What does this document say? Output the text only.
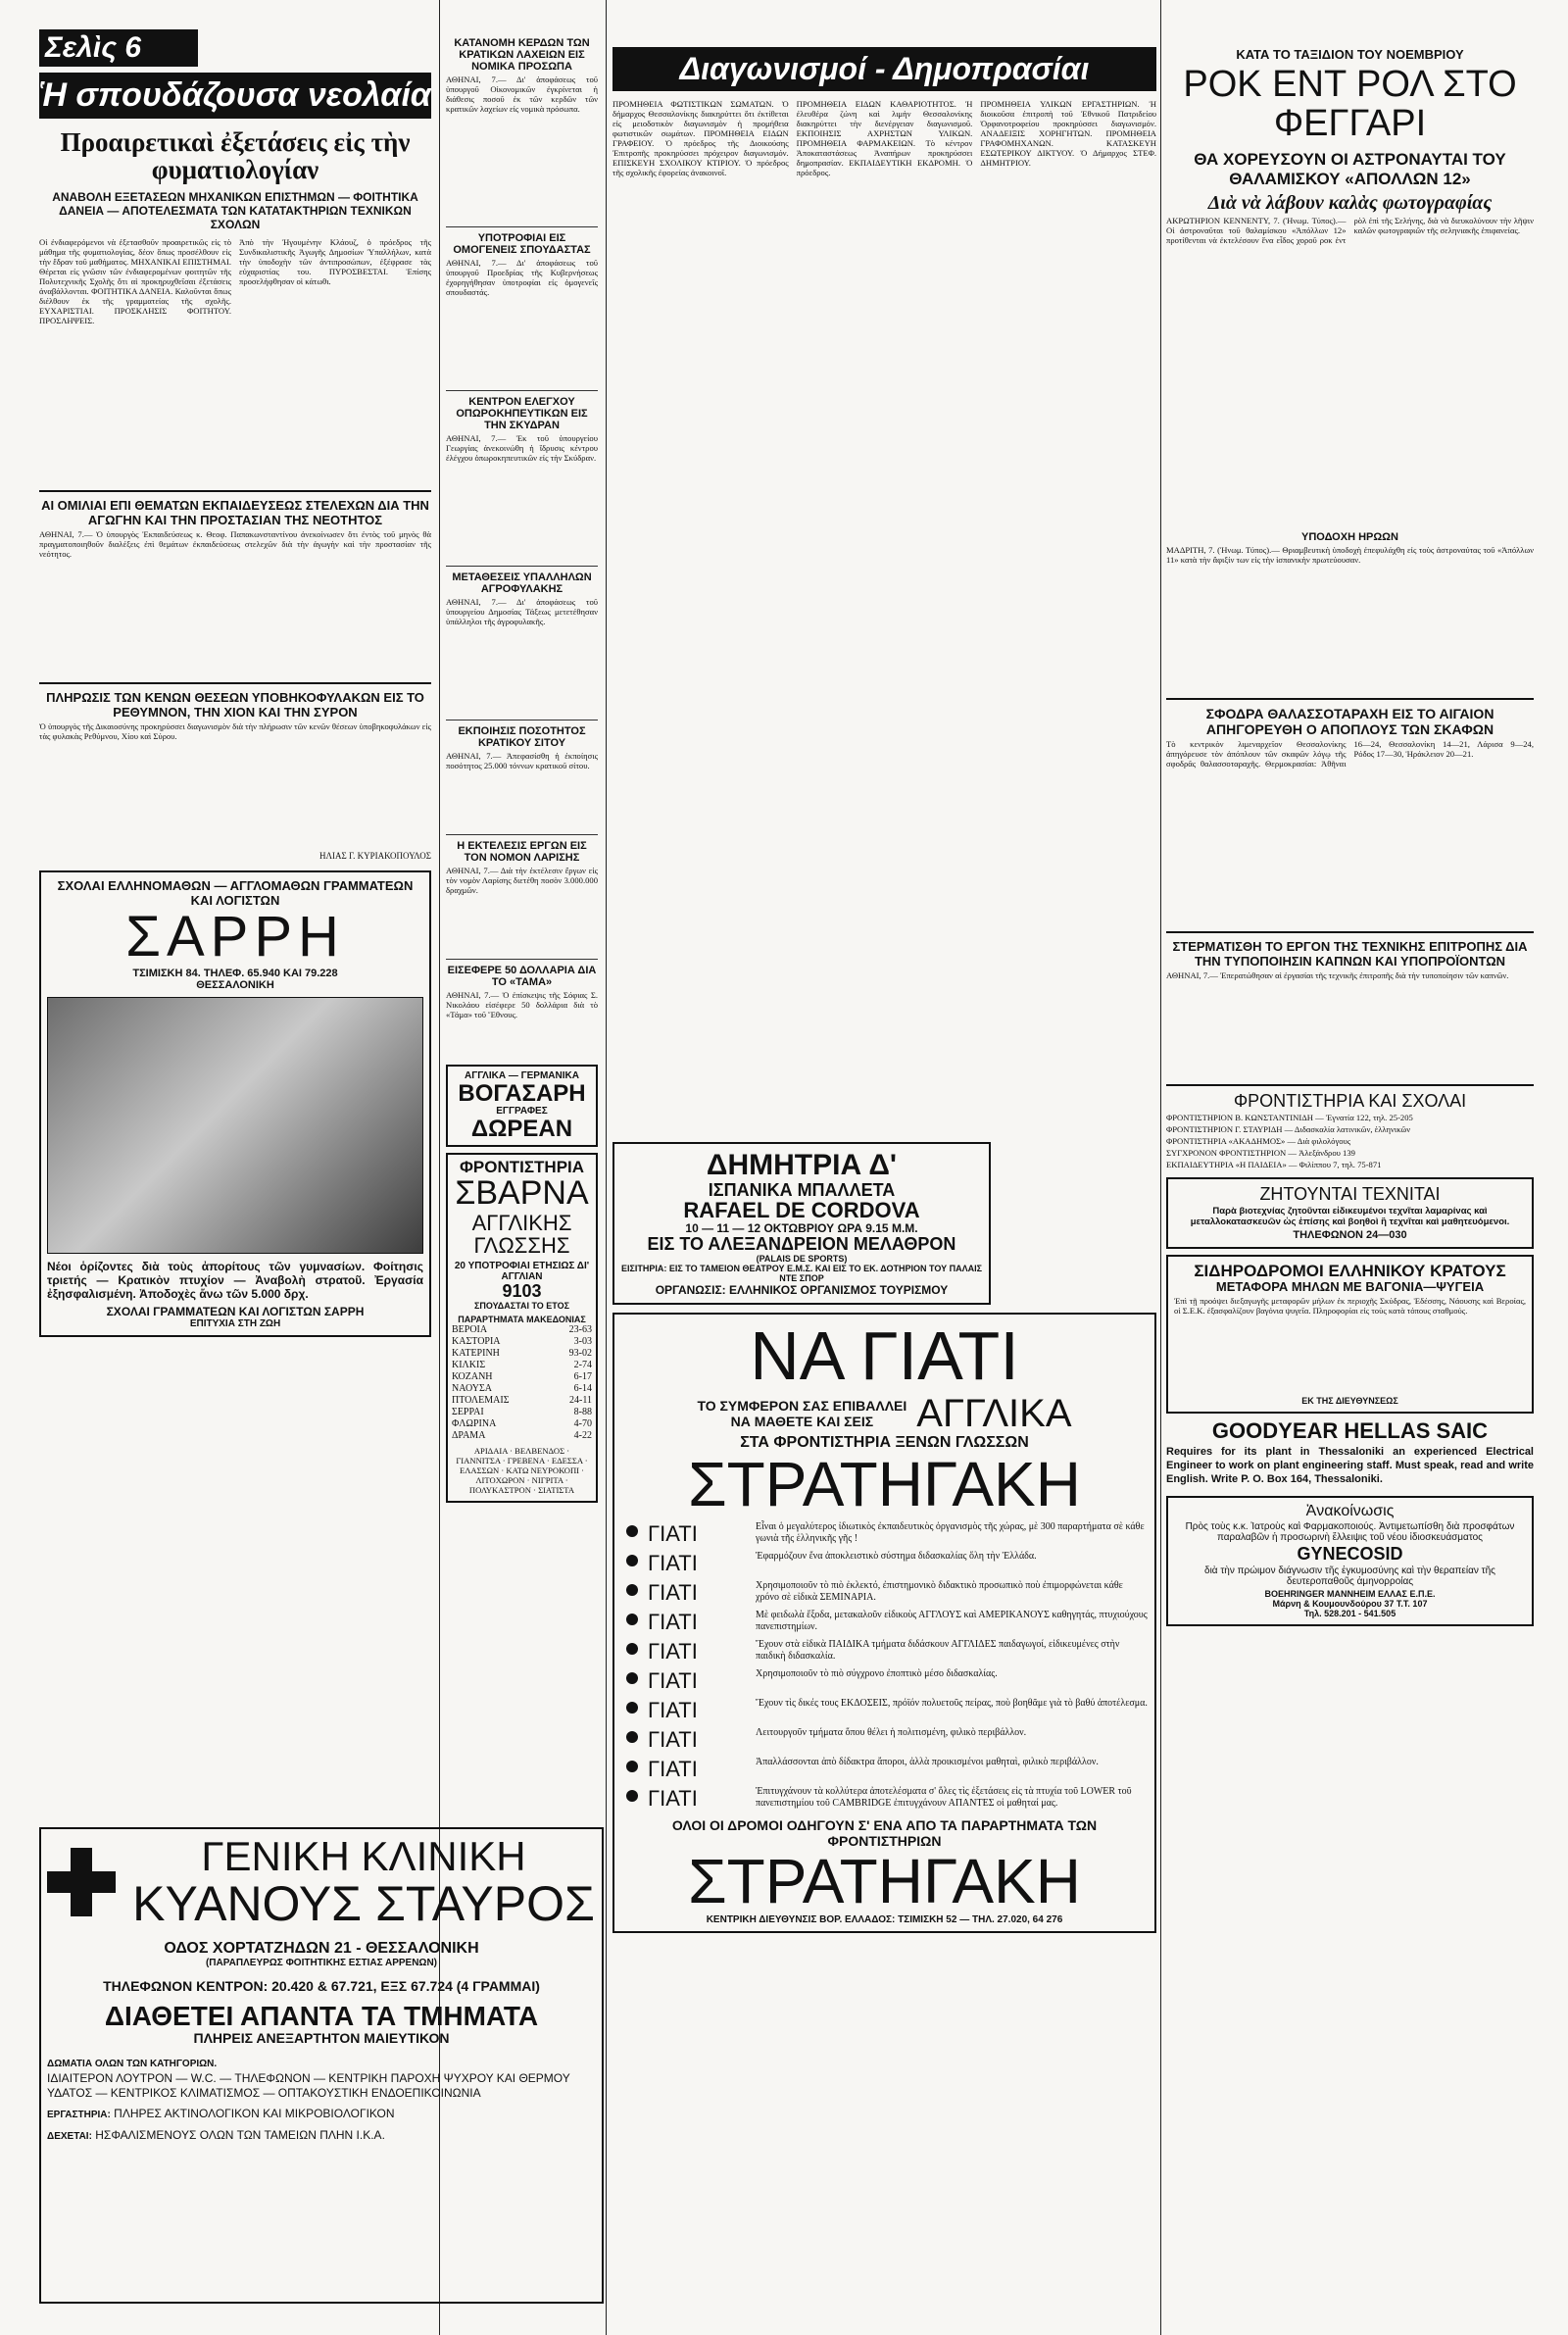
Σελὶς 6
Ἡ σπουδάζουσα νεολαία
Προαιρετικαὶ ἐξετάσεις εἰς τὴν φυματιολογίαν
ΑΝΑΒΟΛΗ ΕΞΕΤΑΣΕΩΝ ΜΗΧΑΝΙΚΩΝ ΕΠΙΣΤΗΜΩΝ — ΦΟΙΤΗΤΙΚΑ ΔΑΝΕΙΑ — ΑΠΟΤΕΛΕΣΜΑΤΑ ΤΩΝ ΚΑΤΑΤΑΚΤΗΡΙΩΝ ΤΕΧΝΙΚΩΝ ΣΧΟΛΩΝ
Οἱ ἐνδιαφερόμενοι νὰ ἐξετασθοῦν προαιρετικῶς εἰς τὸ μάθημα τῆς φυματιολογίας, δέον ὅπως προσέλθουν εἰς τὴν ἔδραν τοῦ μαθήματος. ΜΗΧΑΝΙΚΑΙ ΕΠΙΣΤΗΜΑΙ. Θέρεται εἰς γνῶσιν τῶν ἐνδιαφερομένων φοιτητῶν τῆς Πολυτεχνικῆς Σχολῆς ὅτι αἱ προκηρυχθεῖσαι ἐξετάσεις ἀναβάλλονται. ΦΟΙΤΗΤΙΚΑ ΔΑΝΕΙΑ. Καλοῦνται ὅπως διέλθουν ἐκ τῆς γραμματείας τῆς σχολῆς. ΕΥΧΑΡΙΣΤΙΑΙ. ΠΡΟΣΚΛΗΣΙΣ ΦΟΙΤΗΤΟΥ. ΠΡΟΣΛΗΨΕΙΣ.
Ἀπὸ τὴν Ἡγουμένην Κλάουζ, ὁ πρόεδρος τῆς Συνδικαλιστικῆς Ἀγωγῆς Δημοσίων Ὑπαλλήλων, κατὰ τὴν ὑποδοχὴν τῶν ἀντιπροσώπων, ἐξέφρασε τὰς εὐχαριστίας του. ΠΥΡΟΣΒΕΣΤΑΙ. Ἐπίσης προσελήφθησαν οἱ κάτωθι.
ΑΙ ΟΜΙΛΙΑΙ ΕΠΙ ΘΕΜΑΤΩΝ ΕΚΠΑΙΔΕΥΣΕΩΣ ΣΤΕΛΕΧΩΝ ΔΙΑ ΤΗΝ ΑΓΩΓΗΝ ΚΑΙ ΤΗΝ ΠΡΟΣΤΑΣΙΑΝ ΤΗΣ ΝΕΟΤΗΤΟΣ
ΑΘΗΝΑΙ, 7.— Ὁ ὑπουργὸς Ἐκπαιδεύσεως κ. Θεοφ. Παπακωνσταντίνου ἀνεκοίνωσεν ὅτι ἐντὸς τοῦ μηνὸς θὰ πραγματοποιηθοῦν διαλέξεις ἐπὶ θεμάτων ἐκπαιδεύσεως στελεχῶν διὰ τὴν ἀγωγὴν καὶ τὴν προστασίαν τῆς νεότητος.
ΠΛΗΡΩΣΙΣ ΤΩΝ ΚΕΝΩΝ ΘΕΣΕΩΝ ΥΠΟΒΗΚΟΦΥΛΑΚΩΝ ΕΙΣ ΤΟ ΡΕΘΥΜΝΟΝ, ΤΗΝ ΧΙΟΝ ΚΑΙ ΤΗΝ ΣΥΡΟΝ
Ὁ ὑπουργὸς τῆς Δικαιοσύνης προκηρύσσει διαγωνισμὸν διὰ τὴν πλήρωσιν τῶν κενῶν θέσεων ὑποβηκοφυλάκων εἰς τὰς φυλακὰς Ρεθύμνου, Χίου καὶ Σύρου.
ΗΛΙΑΣ Γ. ΚΥΡΙΑΚΟΠΟΥΛΟΣ
ΣΧΟΛΑΙ ΕΛΛΗΝΟΜΑΘΩΝ — ΑΓΓΛΟΜΑΘΩΝ ΓΡΑΜΜΑΤΕΩΝ ΚΑΙ ΛΟΓΙΣΤΩΝ
ΣΑΡΡΗ
ΤΣΙΜΙΣΚΗ 84. ΤΗΛΕΦ. 65.940 ΚΑΙ 79.228
ΘΕΣΣΑΛΟΝΙΚΗ
Νέοι ὁρίζοντες διὰ τοὺς ἀπορίτους τῶν γυμνασίων. Φοίτησις τριετής — Κρατικὸν πτυχίον — Ἀναβολὴ στρατοῦ. Ἐργασία ἐξησφαλισμένη. Ἀποδοχὲς ἄνω τῶν 5.000 δρχ.
ΣΧΟΛΑΙ ΓΡΑΜΜΑΤΕΩΝ ΚΑΙ ΛΟΓΙΣΤΩΝ ΣΑΡΡΗ
ΕΠΙΤΥΧΙΑ ΣΤΗ ΖΩΗ
ΚΑΤΑΝΟΜΗ ΚΕΡΔΩΝ ΤΩΝ ΚΡΑΤΙΚΩΝ ΛΑΧΕΙΩΝ ΕΙΣ ΝΟΜΙΚΑ ΠΡΟΣΩΠΑ
ΑΘΗΝΑΙ, 7.— Δι' ἀποφάσεως τοῦ ὑπουργοῦ Οἰκονομικῶν ἐγκρίνεται ἡ διάθεσις ποσοῦ ἐκ τῶν κερδῶν τῶν κρατικῶν λαχείων εἰς νομικὰ πρόσωπα.
ΥΠΟΤΡΟΦΙΑΙ ΕΙΣ ΟΜΟΓΕΝΕΙΣ ΣΠΟΥΔΑΣΤΑΣ
ΑΘΗΝΑΙ, 7.— Δι' ἀποφάσεως τοῦ ὑπουργοῦ Προεδρίας τῆς Κυβερνήσεως ἐχορηγήθησαν ὑποτροφίαι εἰς ὁμογενεῖς σπουδαστάς.
ΚΕΝΤΡΟΝ ΕΛΕΓΧΟΥ ΟΠΩΡΟΚΗΠΕΥΤΙΚΩΝ ΕΙΣ ΤΗΝ ΣΚΥΔΡΑΝ
ΑΘΗΝΑΙ, 7.— Ἐκ τοῦ ὑπουργείου Γεωργίας ἀνεκοινώθη ἡ ἵδρυσις κέντρου ἐλέγχου ὀπωροκηπευτικῶν εἰς τὴν Σκύδραν.
ΜΕΤΑΘΕΣΕΙΣ ΥΠΑΛΛΗΛΩΝ ΑΓΡΟΦΥΛΑΚΗΣ
ΑΘΗΝΑΙ, 7.— Δι' ἀποφάσεως τοῦ ὑπουργείου Δημοσίας Τάξεως μετετέθησαν ὑπάλληλοι τῆς ἀγροφυλακῆς.
ΕΚΠΟΙΗΣΙΣ ΠΟΣΟΤΗΤΟΣ ΚΡΑΤΙΚΟΥ ΣΙΤΟΥ
ΑΘΗΝΑΙ, 7.— Ἀπεφασίσθη ἡ ἐκποίησις ποσότητος 25.000 τόννων κρατικοῦ σίτου.
Η ΕΚΤΕΛΕΣΙΣ ΕΡΓΩΝ ΕΙΣ ΤΟΝ ΝΟΜΟΝ ΛΑΡΙΣΗΣ
ΑΘΗΝΑΙ, 7.— Διὰ τὴν ἐκτέλεσιν ἔργων εἰς τὸν νομὸν Λαρίσης διετέθη ποσὸν 3.000.000 δραχμῶν.
ΕΙΣΕΦΕΡΕ 50 ΔΟΛΛΑΡΙΑ ΔΙΑ ΤΟ «ΤΑΜΑ»
ΑΘΗΝΑΙ, 7.— Ὁ ἐπίσκεψις τῆς Σόφιας Σ. Νικολάου εἰσέφερε 50 δολλάρια διὰ τὸ «Τάμα» τοῦ Ἔθνους.
ΑΓΓΛΙΚΑ — ΓΕΡΜΑΝΙΚΑ
ΒΟΓΑΣΑΡΗ
ΕΓΓΡΑΦΕΣ
ΔΩΡΕΑΝ
ΦΡΟΝΤΙΣΤΗΡΙΑ
ΣΒΑΡΝΑ
ΑΓΓΛΙΚΗΣ ΓΛΩΣΣΗΣ
20 ΥΠΟΤΡΟΦΙΑΙ ΕΤΗΣΙΩΣ ΔΙ' ΑΓΓΛΙΑΝ
9103
ΣΠΟΥΔΑΣΤΑΙ ΤΟ ΕΤΟΣ
ΠΑΡΑΡΤΗΜΑΤΑ ΜΑΚΕΔΟΝΙΑΣ
ΒΕΡΟΙΑ	23-63
ΚΑΣΤΟΡΙΑ	3-03
ΚΑΤΕΡΙΝΗ	93-02
ΚΙΛΚΙΣ	2-74
ΚΟΖΑΝΗ	6-17
ΝΑΟΥΣΑ	6-14
ΠΤΟΛΕΜΑΙΣ	24-11
ΣΕΡΡΑΙ	8-88
ΦΛΩΡΙΝΑ	4-70
ΔΡΑΜΑ	4-22
ΑΡΙΔΑΙΑ · ΒΕΛΒΕΝΔΟΣ · ΓΙΑΝΝΙΤΣΑ · ΓΡΕΒΕΝΑ · ΕΔΕΣΣΑ · ΕΛΑΣΣΩΝ · ΚΑΤΩ ΝΕΥΡΟΚΟΠΙ · ΛΙΤΟΧΩΡΟΝ · ΝΙΓΡΙΤΑ · ΠΟΛΥΚΑΣΤΡΟΝ · ΣΙΑΤΙΣΤΑ
Διαγωνισμοί - Δημοπρασίαι
ΠΡΟΜΗΘΕΙΑ ΦΩΤΙΣΤΙΚΩΝ ΣΩΜΑΤΩΝ. Ὁ δήμαρχος Θεσσαλονίκης διακηρύττει ὅτι ἐκτίθεται εἰς μειοδοτικὸν διαγωνισμὸν ἡ προμήθεια φωτιστικῶν σωμάτων. ΠΡΟΜΗΘΕΙΑ ΕΙΔΩΝ ΓΡΑΦΕΙΟΥ. Ὁ πρόεδρος τῆς Διοικούσης Ἐπιτροπῆς προκηρύσσει πρόχειρον διαγωνισμόν. ΕΠΙΣΚΕΥΗ ΣΧΟΛΙΚΟΥ ΚΤΙΡΙΟΥ. Ὁ πρόεδρος τῆς σχολικῆς ἐφορείας ἀνακοινοῖ.
ΠΡΟΜΗΘΕΙΑ ΕΙΔΩΝ ΚΑΘΑΡΙΟΤΗΤΟΣ. Ἡ ἐλευθέρα ζώνη καὶ λιμὴν Θεσσαλονίκης διακηρύττει τὴν διενέργειαν διαγωνισμοῦ. ΕΚΠΟΙΗΣΙΣ ΑΧΡΗΣΤΩΝ ΥΛΙΚΩΝ. ΠΡΟΜΗΘΕΙΑ ΦΑΡΜΑΚΕΙΩΝ. Τὸ κέντρον Ἀποκαταστάσεως Ἀναπήρων προκηρύσσει δημοπρασίαν. ΕΚΠΑΙΔΕΥΤΙΚΗ ΕΚΔΡΟΜΗ. Ὁ πρόεδρος.
ΠΡΟΜΗΘΕΙΑ ΥΛΙΚΩΝ ΕΡΓΑΣΤΗΡΙΩΝ. Ἡ διοικοῦσα ἐπιτροπὴ τοῦ Ἐθνικοῦ Πατριδείου Ὀρφανοτροφείου προκηρύσσει διαγωνισμόν. ΑΝΑΔΕΙΞΙΣ ΧΟΡΗΓΗΤΩΝ. ΠΡΟΜΗΘΕΙΑ ΓΡΑΦΟΜΗΧΑΝΩΝ. ΚΑΤΑΣΚΕΥΗ ΕΣΩΤΕΡΙΚΟΥ ΔΙΚΤΥΟΥ. Ὁ Δήμαρχος ΣΤΕΦ. ΔΗΜΗΤΡΙΟΥ.
ΔΗΜΗΤΡΙΑ Δ'
ΙΣΠΑΝΙΚΑ ΜΠΑΛΛΕΤΑ
RAFAEL DE CORDOVA
10 — 11 — 12 ΟΚΤΩΒΡΙΟΥ ΩΡΑ 9.15 Μ.Μ.
ΕΙΣ ΤΟ ΑΛΕΞΑΝΔΡΕΙΟΝ ΜΕΛΑΘΡΟΝ
(PALAIS DE SPORTS)
ΕΙΣΙΤΗΡΙΑ: ΕΙΣ ΤΟ ΤΑΜΕΙΟΝ ΘΕΑΤΡΟΥ Ε.Μ.Σ. ΚΑΙ ΕΙΣ ΤΟ ΕΚ. ΔΟΤΗΡΙΟΝ ΤΟΥ ΠΑΛΑΙΣ ΝΤΕ ΣΠΟΡ
ΟΡΓΑΝΩΣΙΣ: ΕΛΛΗΝΙΚΟΣ ΟΡΓΑΝΙΣΜΟΣ ΤΟΥΡΙΣΜΟΥ
ΝΑ ΓΙΑΤΙ
ΤΟ ΣΥΜΦΕΡΟΝ ΣΑΣ ΕΠΙΒΑΛΛΕΙ
ΝΑ ΜΑΘΕΤΕ ΚΑΙ ΣΕΙΣ	ΑΓΓΛΙΚΑ
ΣΤΑ ΦΡΟΝΤΙΣΤΗΡΙΑ ΞΕΝΩΝ ΓΛΩΣΣΩΝ
ΣΤΡΑΤΗΓΑΚΗ
ΓΙΑΤΙ	Εἶναι ὁ μεγαλύτερος ἰδιωτικὸς ἐκπαιδευτικὸς ὀργανισμὸς τῆς χώρας, μὲ 300 παραρτήματα σὲ κάθε γωνιὰ τῆς ἑλληνικῆς γῆς !
ΓΙΑΤΙ	Ἐφαρμόζουν ἕνα ἀποκλειστικὸ σύστημα διδασκαλίας ὅλη τὴν Ἑλλάδα.
ΓΙΑΤΙ	Χρησιμοποιοῦν τὸ πιὸ ἐκλεκτό, ἐπιστημονικὸ διδακτικὸ προσωπικὸ ποὺ ἐπιμορφώνεται κάθε χρόνο σὲ εἰδικὰ ΣΕΜΙΝΑΡΙΑ.
ΓΙΑΤΙ	Μὲ φειδωλὰ ἔξοδα, μετακαλοῦν εἰδικοὺς ΑΓΓΛΟΥΣ καὶ ΑΜΕΡΙΚΑΝΟΥΣ καθηγητάς, πτυχιούχους πανεπιστημίων.
ΓΙΑΤΙ	Ἔχουν στὰ εἰδικὰ ΠΑΙΔΙΚΑ τμήματα διδάσκουν ΑΓΓΛΙΔΕΣ παιδαγωγοί, εἰδικευμένες στὴν παιδικὴ διδασκαλία.
ΓΙΑΤΙ	Χρησιμοποιοῦν τὸ πιὸ σύγχρονο ἐποπτικὸ μέσο διδασκαλίας.
ΓΙΑΤΙ	Ἔχουν τὶς δικές τους ΕΚΔΟΣΕΙΣ, πρόϊόν πολυετοῦς πείρας, ποὺ βοηθᾶμε γιὰ τὸ βαθύ ἀποτέλεσμα.
ΓΙΑΤΙ	Λειτουργοῦν τμήματα ὅπου θέλει ἡ πολιτισμένη, φιλικὸ περιβάλλον.
ΓΙΑΤΙ	Ἀπαλλάσσονται ἀπὸ δίδακτρα ἄποροι, ἀλλὰ προικισμένοι μαθηταὶ, φιλικὸ περιβάλλον.
ΓΙΑΤΙ	Ἐπιτυγχάνουν τὰ κολλύτερα ἀποτελέσματα σ' ὅλες τὶς ἐξετάσεις εἰς τὰ πτυχία τοῦ LOWER τοῦ πανεπιστημίου τοῦ CAMBRIDGE ἐπιτυγχάνουν ΑΠΑΝΤΕΣ οἱ μαθηταί μας.
ΟΛΟΙ ΟΙ ΔΡΟΜΟΙ ΟΔΗΓΟΥΝ Σ' ΕΝΑ ΑΠΟ ΤΑ ΠΑΡΑΡΤΗΜΑΤΑ ΤΩΝ ΦΡΟΝΤΙΣΤΗΡΙΩΝ
ΣΤΡΑΤΗΓΑΚΗ
ΚΕΝΤΡΙΚΗ ΔΙΕΥΘΥΝΣΙΣ ΒΟΡ. ΕΛΛΑΔΟΣ: ΤΣΙΜΙΣΚΗ 52 — ΤΗΛ. 27.020, 64 276
ΓΕΝΙΚΗ ΚΛΙΝΙΚΗ
ΚΥΑΝΟΥΣ ΣΤΑΥΡΟΣ
ΟΔΟΣ ΧΟΡΤΑΤΖΗΔΩΝ 21 - ΘΕΣΣΑΛΟΝΙΚΗ
(ΠΑΡΑΠΛΕΥΡΩΣ ΦΟΙΤΗΤΙΚΗΣ ΕΣΤΙΑΣ ΑΡΡΕΝΩΝ)
ΤΗΛΕΦΩΝΟΝ ΚΕΝΤΡΟΝ: 20.420 & 67.721, ΕΞΣ 67.724 (4 ΓΡΑΜΜΑΙ)
ΔΙΑΘΕΤΕΙ ΑΠΑΝΤΑ ΤΑ ΤΜΗΜΑΤΑ
ΠΛΗΡΕΙΣ ΑΝΕΞΑΡΤΗΤΟΝ ΜΑΙΕΥΤΙΚΟΝ
ΔΩΜΑΤΙΑ ΟΛΩΝ ΤΩΝ ΚΑΤΗΓΟΡΙΩΝ.
ΙΔΙΑΙΤΕΡΟΝ ΛΟΥΤΡΟΝ — W.C. — ΤΗΛΕΦΩΝΟΝ — ΚΕΝΤΡΙΚΗ ΠΑΡΟΧΗ ΨΥΧΡΟΥ ΚΑΙ ΘΕΡΜΟΥ ΥΔΑΤΟΣ — ΚΕΝΤΡΙΚΟΣ ΚΛΙΜΑΤΙΣΜΟΣ — ΟΠΤΑΚΟΥΣΤΙΚΗ ΕΝΔΟΕΠΙΚΟΙΝΩΝΙΑ
ΕΡΓΑΣΤΗΡΙΑ: ΠΛΗΡΕΣ ΑΚΤΙΝΟΛΟΓΙΚΟΝ ΚΑΙ ΜΙΚΡΟΒΙΟΛΟΓΙΚΟΝ
ΔΕΧΕΤΑΙ: ΗΣΦΑΛΙΣΜΕΝΟΥΣ ΟΛΩΝ ΤΩΝ ΤΑΜΕΙΩΝ ΠΛΗΝ Ι.Κ.Α.
ΚΑΤΑ ΤΟ ΤΑΞΙΔΙΟΝ ΤΟΥ ΝΟΕΜΒΡΙΟΥ
ΡΟΚ ΕΝΤ ΡΟΛ ΣΤΟ ΦΕΓΓΑΡΙ
ΘΑ ΧΟΡΕΥΣΟΥΝ ΟΙ ΑΣΤΡΟΝΑΥΤΑΙ ΤΟΥ ΘΑΛΑΜΙΣΚΟΥ «ΑΠΟΛΛΩΝ 12»
Διὰ νὰ λάβουν καλὰς φωτογραφίας
ΑΚΡΩΤΗΡΙΟΝ ΚΕΝΝΕΝΤΥ, 7. (Ἡνωμ. Τύπος).— Οἱ ἀστροναῦται τοῦ θαλαμίσκου «Ἀπόλλων 12» προτίθενται νὰ ἐκτελέσουν ἕνα εἶδος χοροῦ ροκ ἐντ ρὸλ ἐπὶ τῆς Σελήνης, διὰ νὰ διευκολύνουν τὴν λῆψιν καλῶν φωτογραφιῶν τῆς σεληνιακῆς ἐπιφανείας.
ΥΠΟΔΟΧΗ ΗΡΩΩΝ
ΜΑΔΡΙΤΗ, 7. (Ἡνωμ. Τύπος).— Θριαμβευτικὴ ὑποδοχὴ ἐπεφυλάχθη εἰς τοὺς ἀστροναύτας τοῦ «Ἀπόλλων 11» κατὰ τὴν ἄφιξίν των εἰς τὴν ἱσπανικὴν πρωτεύουσαν.
ΣΦΟΔΡΑ ΘΑΛΑΣΣΟΤΑΡΑΧΗ ΕΙΣ ΤΟ ΑΙΓΑΙΟΝ ΑΠΗΓΟΡΕΥΘΗ Ο ΑΠΟΠΛΟΥΣ ΤΩΝ ΣΚΑΦΩΝ
Τὸ κεντρικὸν λιμεναρχεῖον Θεσσαλονίκης ἀπηγόρευσε τὸν ἀπόπλουν τῶν σκαφῶν λόγῳ τῆς σφοδρᾶς θαλασσοταραχῆς. Θερμοκρασίαι: Ἀθῆναι 16—24, Θεσσαλονίκη 14—21, Λάρισα 9—24, Ρόδος 17—30, Ἡράκλειον 20—21.
ΣΤΕΡΜΑΤΙΣΘΗ ΤΟ ΕΡΓΟΝ ΤΗΣ ΤΕΧΝΙΚΗΣ ΕΠΙΤΡΟΠΗΣ ΔΙΑ ΤΗΝ ΤΥΠΟΠΟΙΗΣΙΝ ΚΑΠΝΩΝ ΚΑΙ ΥΠΟΠΡΟΪΟΝΤΩΝ
ΑΘΗΝΑΙ, 7.— Ἐπερατώθησαν αἱ ἐργασίαι τῆς τεχνικῆς ἐπιτροπῆς διὰ τὴν τυποποίησιν τῶν καπνῶν.
ΦΡΟΝΤΙΣΤΗΡΙΑ ΚΑΙ ΣΧΟΛΑΙ
ΦΡΟΝΤΙΣΤΗΡΙΟΝ Β. ΚΩΝΣΤΑΝΤΙΝΙΔΗ — Ἐγνατία 122, τηλ. 25-205
ΦΡΟΝΤΙΣΤΗΡΙΟΝ Γ. ΣΤΑΥΡΙΔΗ — Διδασκαλία λατινικῶν, ἑλληνικῶν
ΦΡΟΝΤΙΣΤΗΡΙΑ «ΑΚΑΔΗΜΟΣ» — Διὰ φιλολόγους
ΣΥΓΧΡΟΝΟΝ ΦΡΟΝΤΙΣΤΗΡΙΟΝ — Ἀλεξάνδρου 139
ΕΚΠΑΙΔΕΥΤΗΡΙΑ «Η ΠΑΙΔΕΙΑ» — Φιλίππου 7, τηλ. 75-871
ΖΗΤΟΥΝΤΑΙ ΤΕΧΝΙΤΑΙ
Παρὰ βιοτεχνίας ζητοῦνται εἰδικευμένοι τεχνῖται λαμαρίνας καὶ μεταλλοκατασκευῶν ὡς ἐπίσης καὶ βοηθοὶ ἢ τεχνῖται καὶ μαθητευόμενοι.
ΤΗΛΕΦΩΝΟΝ 24—030
ΣΙΔΗΡΟΔΡΟΜΟΙ ΕΛΛΗΝΙΚΟΥ ΚΡΑΤΟΥΣ
ΜΕΤΑΦΟΡΑ ΜΗΛΩΝ ΜΕ ΒΑΓΟΝΙΑ—ΨΥΓΕΙΑ
Ἐπὶ τῇ προόψει διεξαγωγῆς μεταφορῶν μήλων ἐκ περιοχῆς Σκύδρας, Ἐδέσσης, Νάουσης καὶ Βεροίας, οἱ Σ.Ε.Κ. ἐξασφαλίζουν βαγόνια ψυγεῖα. Πληροφορίαι εἰς τοὺς κατὰ τόπους σταθμούς.
ΕΚ ΤΗΣ ΔΙΕΥΘΥΝΣΕΩΣ
GOODYEAR HELLAS SAIC
Requires for its plant in Thessaloniki an experienced Electrical Engineer to work on plant engineering staff. Must speak, read and write English. Write P. O. Box 164, Thessaloniki.
Ἀνακοίνωσις
Πρὸς τοὺς κ.κ. Ἰατροὺς καὶ Φαρμακοποιούς. Ἀντιμετωπίσθη διὰ προσφάτων παραλαβῶν ἡ προσωρινὴ ἔλλειψις τοῦ νέου ἰδιοσκευάσματος
GYNECOSID
διὰ τὴν πρώιμον διάγνωσιν τῆς ἐγκυμοσύνης καὶ τὴν θεραπείαν τῆς δευτεροπαθοῦς ἀμηνορροίας
BOEHRINGER MANNHEIM ΕΛΛΑΣ Ε.Π.Ε.
Μάρνη & Κουμουνδούρου 37 Τ.Τ. 107
Τηλ. 528.201 - 541.505
